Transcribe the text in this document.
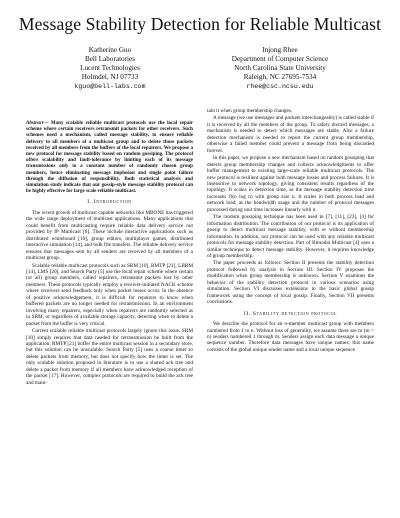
Message Stability Detection for Reliable Multicast
Katherine Guo
Bell Laboratories
Lucent Technologies
Holmdel, NJ 07733
kguo@bell-labs.com
Injong Rhee
Department of Computer Science
North Carolina State University
Raleigh, NC 27695-7534
rhee@csc.ncsu.edu

Abstract— Many scalable reliable multicast protocols use the local repair scheme where certain receivers retransmit packets for other receivers. Such schemes need a mechanism, called message stability, to ensure reliable delivery to all members of a multicast group and to delete those packets received by all members from the buffers of the local repairers. We propose a new protocol for message stability based on random gossiping. The protocol offers scalability and fault-tolerance by limiting each of its message transmissions only to a constant number of randomly chosen group members, hence eliminating message implosion and single point failure through the diffusion of responsibility. Both statistical analysis and simulation study indicate that our gossip-style message stability protocol can be highly effective for large scale reliable multicast.

I. Introduction

The recent growth of multicast capable networks like MBONE has triggered the wide range deployment of multicast applications. Many applications that could benefit from multicasting require reliable data delivery service not provided by IP Multicast [6]. These include interactive applications such as distributed whiteboard [10], group editors, multiplayer games, distributed interactive simulation [14], and bulk file transfers. The reliable delivery service ensures that messages sent by all senders are received by all members of a multicast group.

Scalable reliable multicast protocols such as SRM [10], RMTP [21], LBRM [14], LMS [20], and Search Party [5] use the local repair scheme where certain (or all) group members, called repairers, retransmit packets lost by other members. These protocols typically employ a receiver-initiated NACK scheme where receivers send feedback only when packet losses occur. In the absence of positive acknowledgement, it is difficult for repairers to know when buffered packets are no longer needed for retransmission. In an environment involving many repairers, especially when repairers are randomly selected as in SRM, or regardless of available storage capacity, detecting when to delete a packet from the buffer is very critical.

Current scalable reliable multicast protocols largely ignore this issue. SRM [10] simply requires that data needed for retransmission be built from the application. RMTP [21] buffer the entire multicast session in a secondary store, but this solution can be unscalable. Search Party [5] uses a coarse timer to delete packets from memory, but does not specify how the timer is set. The only scalable solution proposed in literature is to use a shared ack tree and delete a packet from memory if all members have acknowledged reception of the packet [17]. However, complex protocols are required to build the ack tree and main-

tain it when group membership changes.

A message (we use messages and packets interchangeably) is called stable if it is received by all the members of the group. To safely discard messages, a mechanism is needed to detect which messages are stable. Also a failure detection mechanism is needed to report the current group membership, otherwise a failed member could prevent a message from being discarded forever.

In this paper, we propose a new mechanism based on random gossiping that detects group membership changes and collects acknowledgments to offer buffer management to existing large-scale reliable multicast protocols. The new protocol is resilient against both message losses and process failures. It is insensitive to network topology, giving consistent results regardless of the topology. It scales in detection time, as the message stability detection time increases O(n log n) with group size n. It scales in both process load and network load, as the bandwidth usage and the number of protocol messages processed during unit time increases linearly with n.

The random gossiping technique has been used in [7], [11], [23], [4] for information distribution. The contribution of our protocol is its application of gossip to detect multicast message stability, with or without membership information. In addition, our protocol can be used with any reliable multicast protocols for message stability detection. Part of Bimodal Multicast [4] uses a similar technique to detect message stability. However, it requires knowledge of group membership.

The paper proceeds as follows: Section II presents the stability detection protocol followed by analysis in Section III. Section IV proposes the modification when group membership is unknown. Section V examines the behavior of the stability detection protocol in various scenarios using simulation. Section VI discusses extensions to the basic global gossip framework using the concept of local gossip. Finally, Section VII presents conclusions.

II. Stability detection protocol

We describe the protocol for an n-member multicast group with members numbered from 1 to n. Without loss of generality, we assume there are m (m < n) senders numbered 1 through m. Senders assign each data message a unique sequence number. Therefore data messages have unique names; this name consists of the global unique sender name and a local unique sequence
